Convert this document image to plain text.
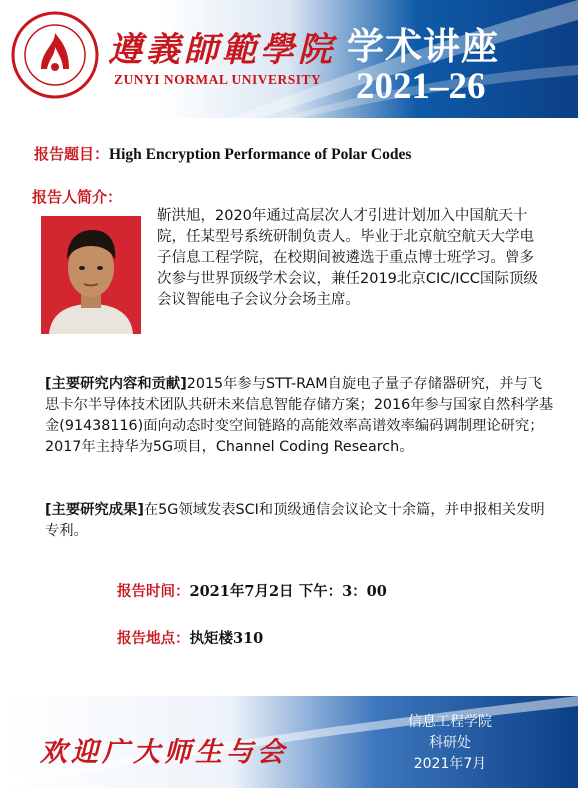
遵義師範學院
ZUNYI NORMAL UNIVERSITY
学术讲座
2021–26
报告题目：High Encryption Performance of Polar Codes
报告人简介：
靳洪旭，2020年通过高层次人才引进计划加入中国航天十院，任某型号系统研制负责人。毕业于北京航空航天大学电子信息工程学院，在校期间被遴选于重点博士班学习。曾多次参与世界顶级学术会议，兼任2019北京CIC/ICC国际顶级会议智能电子会议分会场主席。
[主要研究内容和贡献]2015年参与STT-RAM自旋电子量子存储器研究，并与飞思卡尔半导体技术团队共研未来信息智能存储方案；2016年参与国家自然科学基金(91438116)面向动态时变空间链路的高能效率高谱效率编码调制理论研究；2017年主持华为5G项目，Channel Coding Research。
[主要研究成果]在5G领域发表SCI和顶级通信会议论文十余篇，并申报相关发明专利。
报告时间：2021年7月2日 下午：3：00
报告地点：执矩楼310
欢迎广大师生与会
信息工程学院
科研处
2021年7月
